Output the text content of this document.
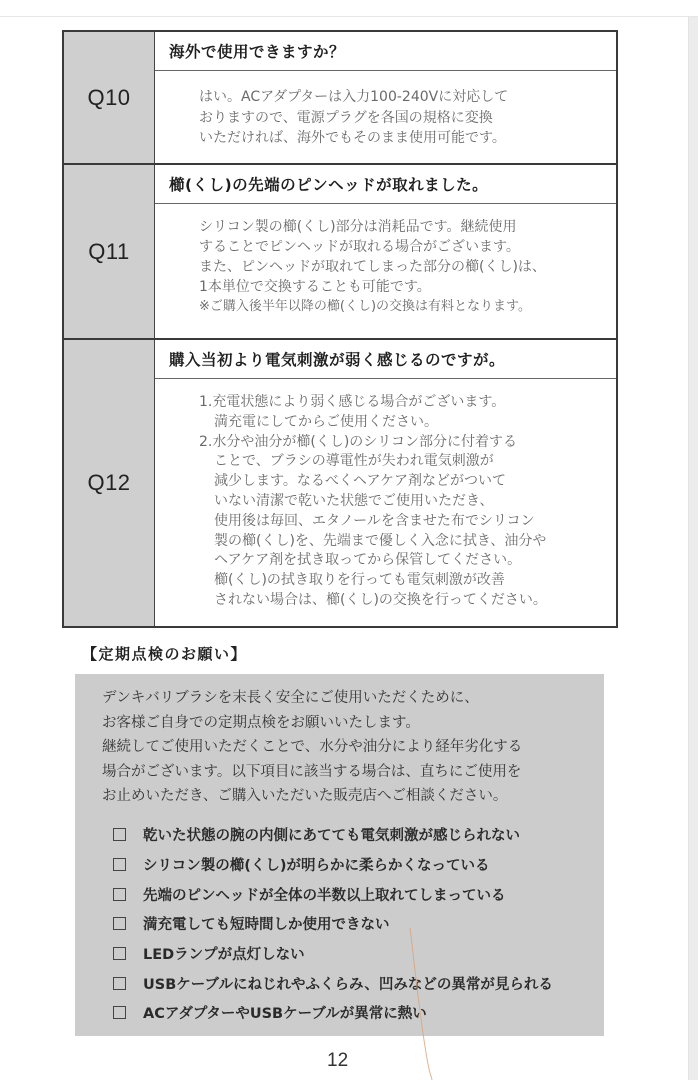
Q10
海外で使用できますか？
はい。ACアダプターは入力100-240Vに対応して
おりますので、電源プラグを各国の規格に変換
いただければ、海外でもそのまま使用可能です。
Q11
櫛(くし)の先端のピンヘッドが取れました。
シリコン製の櫛(くし)部分は消耗品です。継続使用
することでピンヘッドが取れる場合がございます。
また、ピンヘッドが取れてしまった部分の櫛(くし)は、
1本単位で交換することも可能です。
※ご購入後半年以降の櫛(くし)の交換は有料となります。
Q12
購入当初より電気刺激が弱く感じるのですが。
1.充電状態により弱く感じる場合がございます。
満充電にしてからご使用ください。
2.水分や油分が櫛(くし)のシリコン部分に付着する
ことで、ブラシの導電性が失われ電気刺激が
減少します。なるべくヘアケア剤などがついて
いない清潔で乾いた状態でご使用いただき、
使用後は毎回、エタノールを含ませた布でシリコン
製の櫛(くし)を、先端まで優しく入念に拭き、油分や
ヘアケア剤を拭き取ってから保管してください。
櫛(くし)の拭き取りを行っても電気刺激が改善
されない場合は、櫛(くし)の交換を行ってください。
【定期点検のお願い】
デンキバリブラシを末長く安全にご使用いただくために、
お客様ご自身での定期点検をお願いいたします。
継続してご使用いただくことで、水分や油分により経年劣化する
場合がございます。以下項目に該当する場合は、直ちにご使用を
お止めいただき、ご購入いただいた販売店へご相談ください。
乾いた状態の腕の内側にあてても電気刺激が感じられない
シリコン製の櫛(くし)が明らかに柔らかくなっている
先端のピンヘッドが全体の半数以上取れてしまっている
満充電しても短時間しか使用できない
LEDランプが点灯しない
USBケーブルにねじれやふくらみ、凹みなどの異常が見られる
ACアダプターやUSBケーブルが異常に熱い
12
